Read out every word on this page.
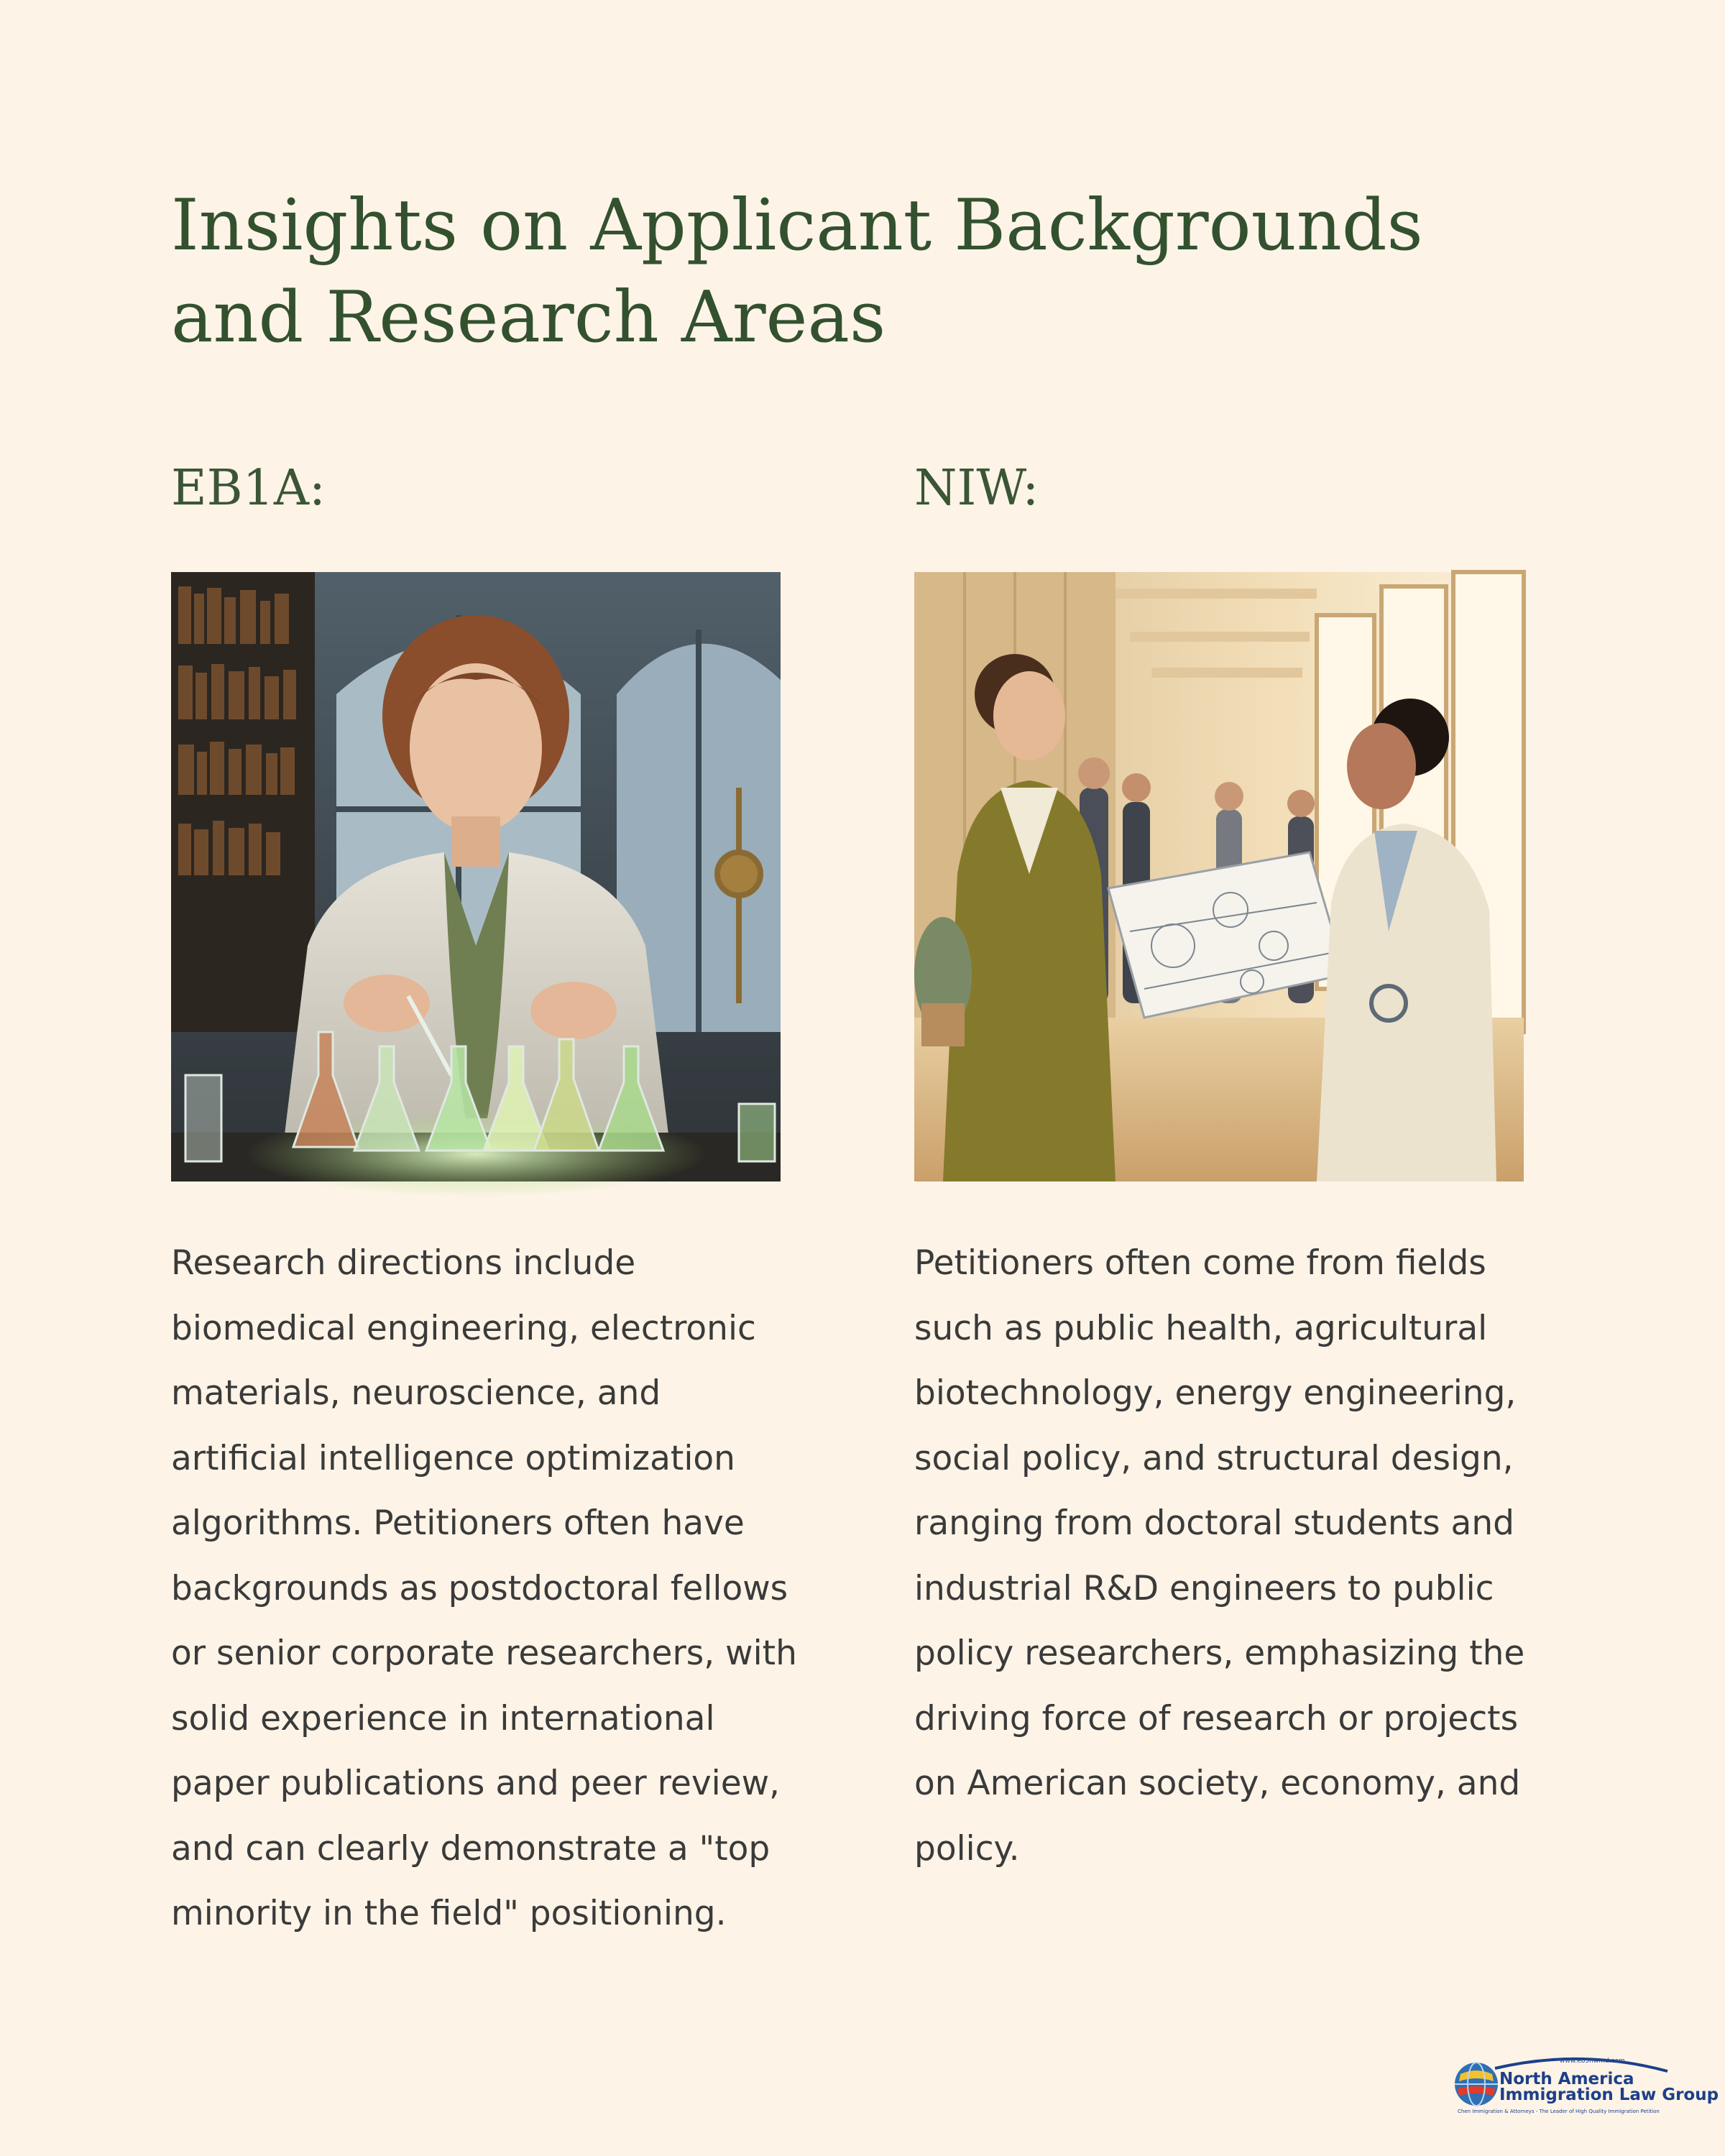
Insights on Applicant Backgrounds and Research Areas
EB1A:

Research directions include biomedical engineering, electronic materials, neuroscience, and artificial intelligence optimization algorithms. Petitioners often have backgrounds as postdoctoral fellows or senior corporate researchers, with solid experience in international paper publications and peer review, and can clearly demonstrate a "top minority in the field" positioning.

NIW:

Petitioners often come from fields such as public health, agricultural biotechnology, energy engineering, social policy, and structural design, ranging from doctoral students and industrial R&D engineers to public policy researchers, emphasizing the driving force of research or projects on American society, economy, and policy.

www.eb5nwmd.com
North America
Immigration Law Group
Chen Immigration & Attorneys - The Leader of High Quality Immigration Petition
